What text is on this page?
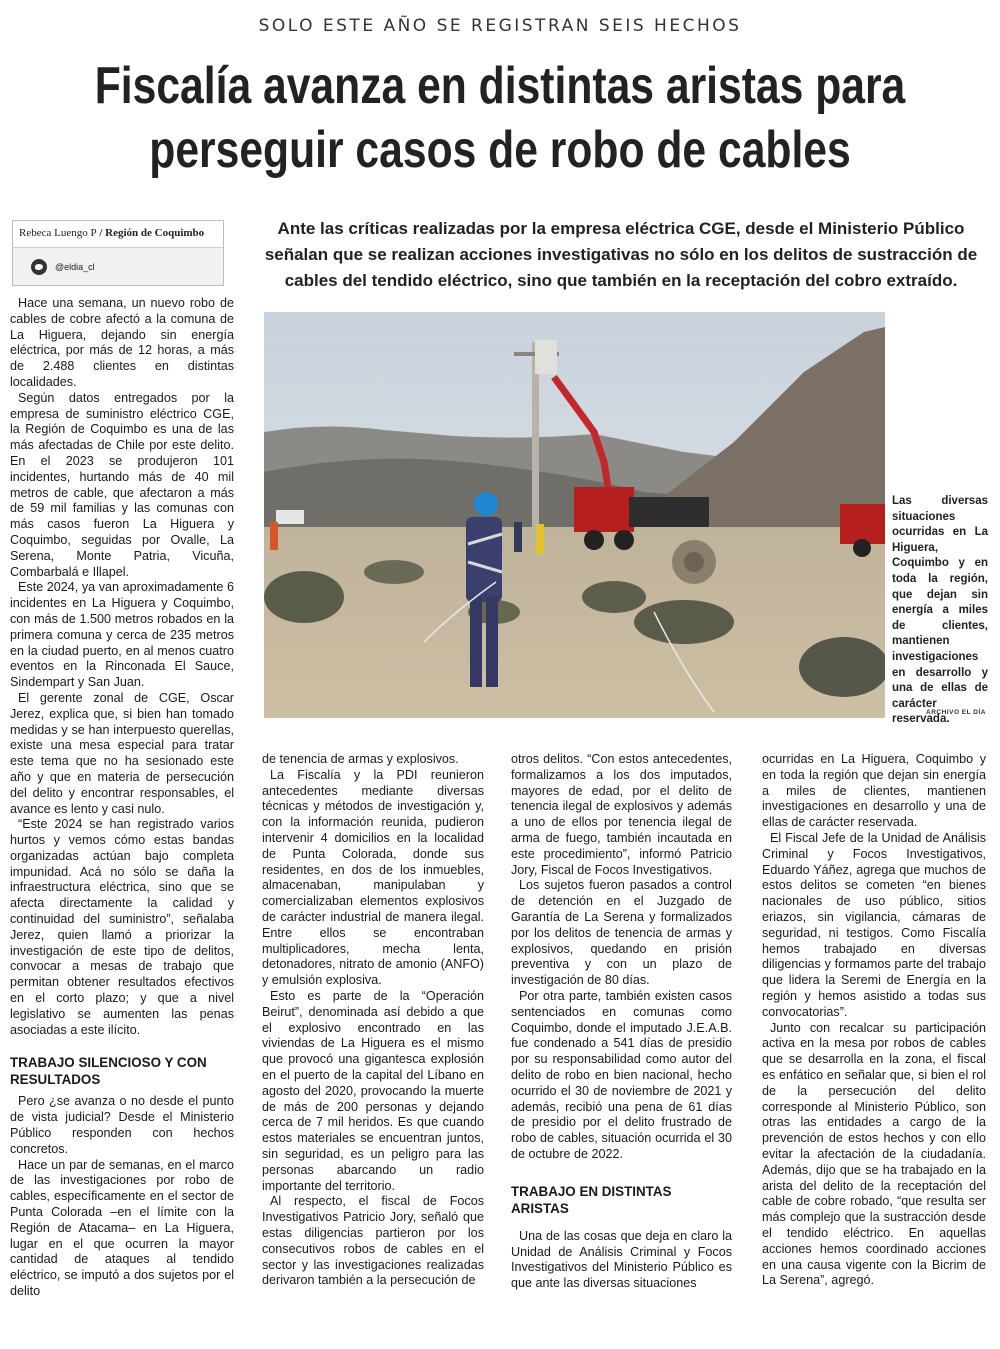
SOLO ESTE AÑO SE REGISTRAN SEIS HECHOS
Fiscalía avanza en distintas aristas para
perseguir casos de robo de cables
Rebeca Luengo P / Región de Coquimbo
@eldia_cl
Ante las críticas realizadas por la empresa eléctrica CGE, desde el Ministerio Público señalan que se realizan acciones investigativas no sólo en los delitos de sustracción de cables del tendido eléctrico, sino que también en la receptación del cobro extraído.
Las diversas situaciones ocurridas en La Higuera, Coquimbo y en toda la región, que dejan sin energía a miles de clientes, mantienen investigaciones en desarrollo y una de ellas de carácter reservada.
ARCHIVO EL DÍA

Hace una semana, un nuevo robo de cables de cobre afectó a la comuna de La Higuera, dejando sin energía eléctrica, por más de 12 horas, a más de 2.488 clientes en distintas localidades.

Según datos entregados por la empresa de suministro eléctrico CGE, la Región de Coquimbo es una de las más afectadas de Chile por este delito. En el 2023 se produjeron 101 incidentes, hurtando más de 40 mil metros de cable, que afectaron a más de 59 mil familias y las comunas con más casos fueron La Higuera y Coquimbo, seguidas por Ovalle, La Serena, Monte Patria, Vicuña, Combarbalá e Illapel.

Este 2024, ya van aproximadamente 6 incidentes en La Higuera y Coquimbo, con más de 1.500 metros robados en la primera comuna y cerca de 235 metros en la ciudad puerto, en al menos cuatro eventos en la Rinconada El Sauce, Sindempart y San Juan.

El gerente zonal de CGE, Oscar Jerez, explica que, si bien han tomado medidas y se han interpuesto querellas, existe una mesa especial para tratar este tema que no ha sesionado este año y que en materia de persecución del delito y encontrar responsables, el avance es lento y casi nulo.

“Este 2024 se han registrado varios hurtos y vemos cómo estas bandas organizadas actúan bajo completa impunidad. Acá no sólo se daña la infraestructura eléctrica, sino que se afecta directamente la calidad y continuidad del suministro”, señalaba Jerez, quien llamó a priorizar la investigación de este tipo de delitos, convocar a mesas de trabajo que permitan obtener resultados efectivos en el corto plazo; y que a nivel legislativo se aumenten las penas asociadas a este ilícito.

TRABAJO SILENCIOSO Y CON RESULTADOS

Pero ¿se avanza o no desde el punto de vista judicial? Desde el Ministerio Público responden con hechos concretos.

Hace un par de semanas, en el marco de las investigaciones por robo de cables, específicamente en el sector de Punta Colorada –en el límite con la Región de Atacama– en La Higuera, lugar en el que ocurren la mayor cantidad de ataques al tendido eléctrico, se imputó a dos sujetos por el delito

de tenencia de armas y explosivos.

La Fiscalía y la PDI reunieron antecedentes mediante diversas técnicas y métodos de investigación y, con la información reunida, pudieron intervenir 4 domicilios en la localidad de Punta Colorada, donde sus residentes, en dos de los inmuebles, almacenaban, manipulaban y comercializaban elementos explosivos de carácter industrial de manera ilegal. Entre ellos se encontraban multiplicadores, mecha lenta, detonadores, nitrato de amonio (ANFO) y emulsión explosiva.

Esto es parte de la “Operación Beirut”, denominada así debido a que el explosivo encontrado en las viviendas de La Higuera es el mismo que provocó una gigantesca explosión en el puerto de la capital del Líbano en agosto del 2020, provocando la muerte de más de 200 personas y dejando cerca de 7 mil heridos. Es que cuando estos materiales se encuentran juntos, sin seguridad, es un peligro para las personas abarcando un radio importante del territorio.

Al respecto, el fiscal de Focos Investigativos Patricio Jory, señaló que estas diligencias partieron por los consecutivos robos de cables en el sector y las investigaciones realizadas derivaron también a la persecución de

otros delitos. “Con estos antecedentes, formalizamos a los dos imputados, mayores de edad, por el delito de tenencia ilegal de explosivos y además a uno de ellos por tenencia ilegal de arma de fuego, también incautada en este procedimiento”, informó Patricio Jory, Fiscal de Focos Investigativos.

Los sujetos fueron pasados a control de detención en el Juzgado de Garantía de La Serena y formalizados por los delitos de tenencia de armas y explosivos, quedando en prisión preventiva y con un plazo de investigación de 80 días.

Por otra parte, también existen casos sentenciados en comunas como Coquimbo, donde el imputado J.E.A.B. fue condenado a 541 días de presidio por su responsabilidad como autor del delito de robo en bien nacional, hecho ocurrido el 30 de noviembre de 2021 y además, recibió una pena de 61 días de presidio por el delito frustrado de robo de cables, situación ocurrida el 30 de octubre de 2022.

TRABAJO EN DISTINTAS ARISTAS

Una de las cosas que deja en claro la Unidad de Análisis Criminal y Focos Investigativos del Ministerio Público es que ante las diversas situaciones

ocurridas en La Higuera, Coquimbo y en toda la región que dejan sin energía a miles de clientes, mantienen investigaciones en desarrollo y una de ellas de carácter reservada.

El Fiscal Jefe de la Unidad de Análisis Criminal y Focos Investigativos, Eduardo Yáñez, agrega que muchos de estos delitos se cometen “en bienes nacionales de uso público, sitios eriazos, sin vigilancia, cámaras de seguridad, ni testigos. Como Fiscalía hemos trabajado en diversas diligencias y formamos parte del trabajo que lidera la Seremi de Energía en la región y hemos asistido a todas sus convocatorias”.

Junto con recalcar su participación activa en la mesa por robos de cables que se desarrolla en la zona, el fiscal es enfático en señalar que, si bien el rol de la persecución del delito corresponde al Ministerio Público, son otras las entidades a cargo de la prevención de estos hechos y con ello evitar la afectación de la ciudadanía. Además, dijo que se ha trabajado en la arista del delito de la receptación del cable de cobre robado, “que resulta ser más complejo que la sustracción desde el tendido eléctrico. En aquellas acciones hemos coordinado acciones en una causa vigente con la Bicrim de La Serena”, agregó.
